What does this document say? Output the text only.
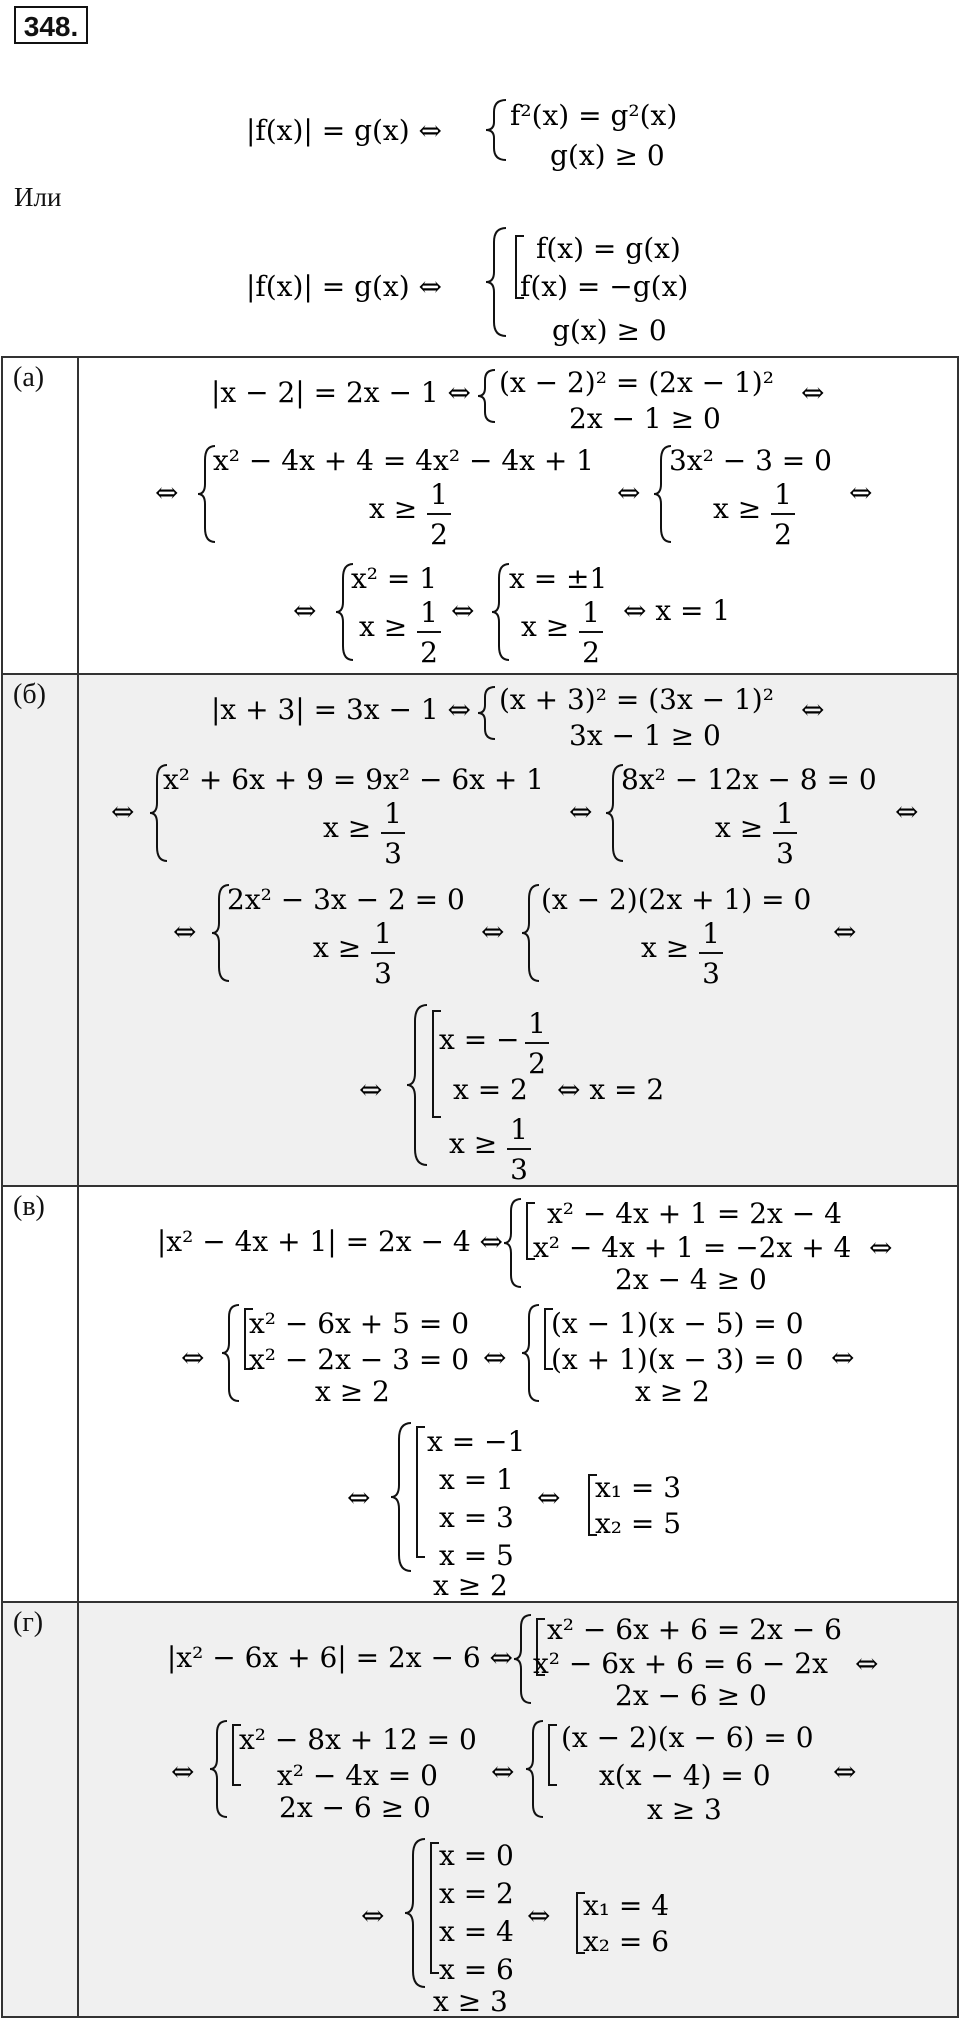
348.
|f(x)| = g(x) ⇔ f²(x) = g²(x)
g(x) ≥ 0
|f(x)| = g(x) ⇔
f(x) = g(x)
f(x) = −g(x)
g(x) ≥ 0
Или
(а)	|x − 2| = 2x − 1 ⇔ (x − 2)² = (2x − 1)²
2x − 1 ≥ 0
⇔
⇔
x² − 4x + 4 = 4x² − 4x + 1
x ≥ 1
2
⇔
3x² − 3 = 0
x ≥ 1
2
⇔
⇔
x² = 1
x ≥ 1
2
⇔
x = ±1
x ≥ 1
2
⇔ x = 1
(б)	|x + 3| = 3x − 1 ⇔ (x + 3)² = (3x − 1)²
3x − 1 ≥ 0
⇔
⇔
x² + 6x + 9 = 9x² − 6x + 1
x ≥ 1
3
⇔
8x² − 12x − 8 = 0
x ≥ 1
3
⇔
⇔
2x² − 3x − 2 = 0
x ≥ 1
3
⇔
(x − 2)(2x + 1) = 0
x ≥ 1
3
⇔
⇔
x = − 1
2
x = 2
x ≥ 1
3
⇔ x = 2
(в)
|x² − 4x + 1| = 2x − 4 ⇔
x² − 4x + 1 = 2x − 4
x² − 4x + 1 = −2x + 4
2x − 4 ≥ 0
⇔
⇔
x² − 6x + 5 = 0
x² − 2x − 3 = 0
x ≥ 2
⇔
(x − 1)(x − 5) = 0
(x + 1)(x − 3) = 0
x ≥ 2
⇔
⇔
x = −1
x = 1
x = 3
x = 5
x ≥ 2
⇔ x₁ = 3
x₂ = 5
(г)
|x² − 6x + 6| = 2x − 6 ⇔
x² − 6x + 6 = 2x − 6
x² − 6x + 6 = 6 − 2x
2x − 6 ≥ 0
⇔
⇔
x² − 8x + 12 = 0
x² − 4x = 0
2x − 6 ≥ 0
⇔
(x − 2)(x − 6) = 0
x(x − 4) = 0
x ≥ 3
⇔
⇔
x = 0
x = 2
x = 4
x = 6
x ≥ 3
⇔ x₁ = 4
x₂ = 6
